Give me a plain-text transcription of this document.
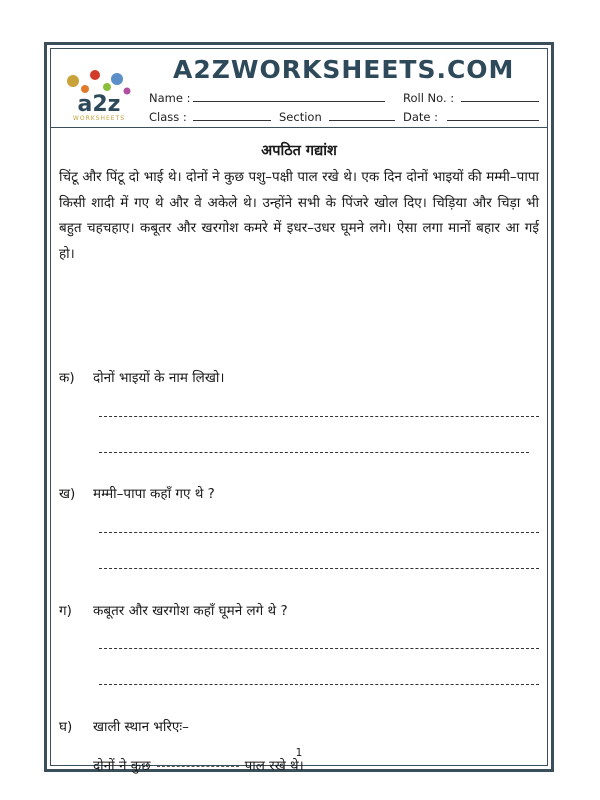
a2z
WORKSHEETS
A2ZWORKSHEETS.COM
Name :	Roll No. :
Class :	Section	Date :
अपठित गद्यांश
चिंटू और पिंटू दो भाई थे। दोनों ने कुछ पशु–पक्षी पाल रखे थे। एक दिन दोनों भाइयों की मम्मी–पापा किसी शादी में गए थे और वे अकेले थे। उन्होंने सभी के पिंजरे खोल दिए। चिड़िया और चिड़ा भी बहुत चहचहाए। कबूतर और खरगोश कमरे में इधर–उधर घूमने लगे। ऐसा लगा मानों बहार आ गई हो।
क) दोनों भाइयों के नाम लिखो।
ख) मम्मी–पापा कहाँ गए थे ?
ग) कबूतर और खरगोश कहाँ घूमने लगे थे ?
घ) खाली स्थान भरिएः–
दोनों ने कुछ	पाल रखे थे।
1
